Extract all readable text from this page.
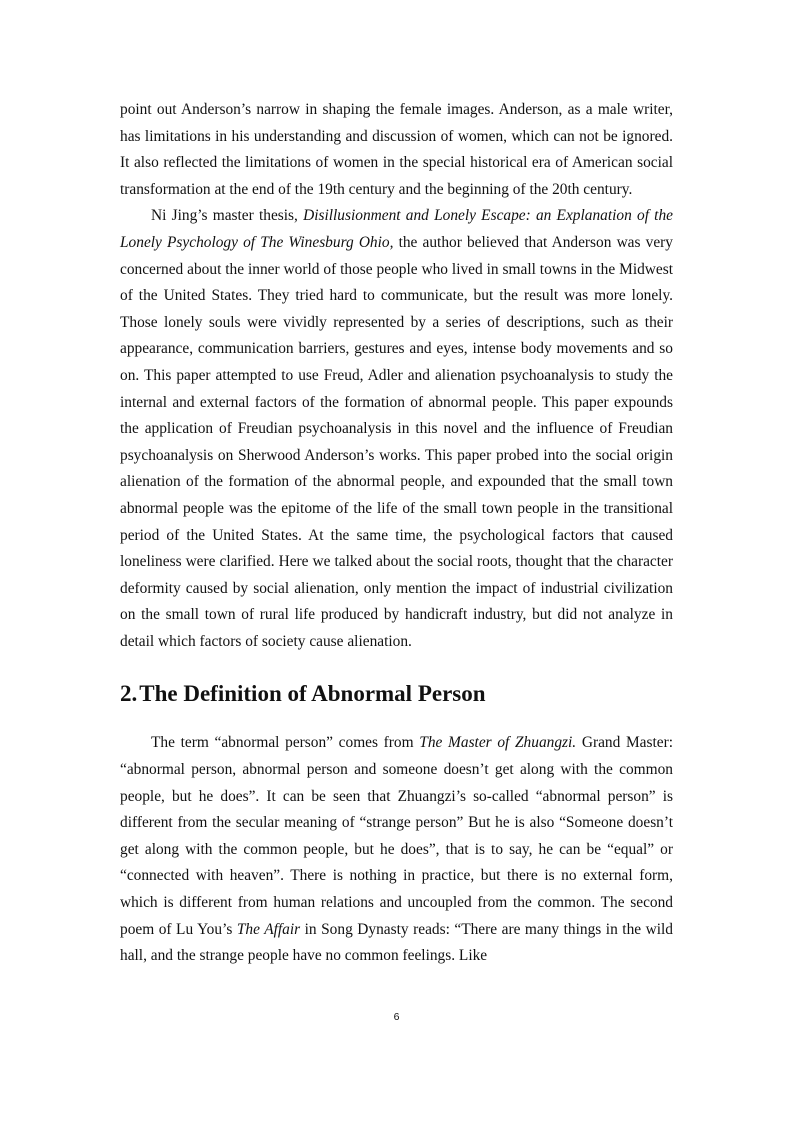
point out Anderson’s narrow in shaping the female images. Anderson, as a male writer, has limitations in his understanding and discussion of women, which can not be ignored. It also reflected the limitations of women in the special historical era of American social transformation at the end of the 19th century and the beginning of the 20th century.

Ni Jing’s master thesis, Disillusionment and Lonely Escape: an Explanation of the Lonely Psychology of The Winesburg Ohio, the author believed that Anderson was very concerned about the inner world of those people who lived in small towns in the Midwest of the United States. They tried hard to communicate, but the result was more lonely. Those lonely souls were vividly represented by a series of descriptions, such as their appearance, communication barriers, gestures and eyes, intense body movements and so on. This paper attempted to use Freud, Adler and alienation psychoanalysis to study the internal and external factors of the formation of abnormal people. This paper expounds the application of Freudian psychoanalysis in this novel and the influence of Freudian psychoanalysis on Sherwood Anderson’s works. This paper probed into the social origin alienation of the formation of the abnormal people, and expounded that the small town abnormal people was the epitome of the life of the small town people in the transitional period of the United States. At the same time, the psychological factors that caused loneliness were clarified. Here we talked about the social roots, thought that the character deformity caused by social alienation, only mention the impact of industrial civilization on the small town of rural life produced by handicraft industry, but did not analyze in detail which factors of society cause alienation.

2.The Definition of Abnormal Person

The term “abnormal person” comes from The Master of Zhuangzi. Grand Master: “abnormal person, abnormal person and someone doesn’t get along with the common people, but he does”. It can be seen that Zhuangzi’s so-called “abnormal person” is different from the secular meaning of “strange person” But he is also “Someone doesn’t get along with the common people, but he does”, that is to say, he can be “equal” or “connected with heaven”. There is nothing in practice, but there is no external form, which is different from human relations and uncoupled from the common. The second poem of Lu You’s The Affair in Song Dynasty reads: “There are many things in the wild hall, and the strange people have no common feelings. Like

6
